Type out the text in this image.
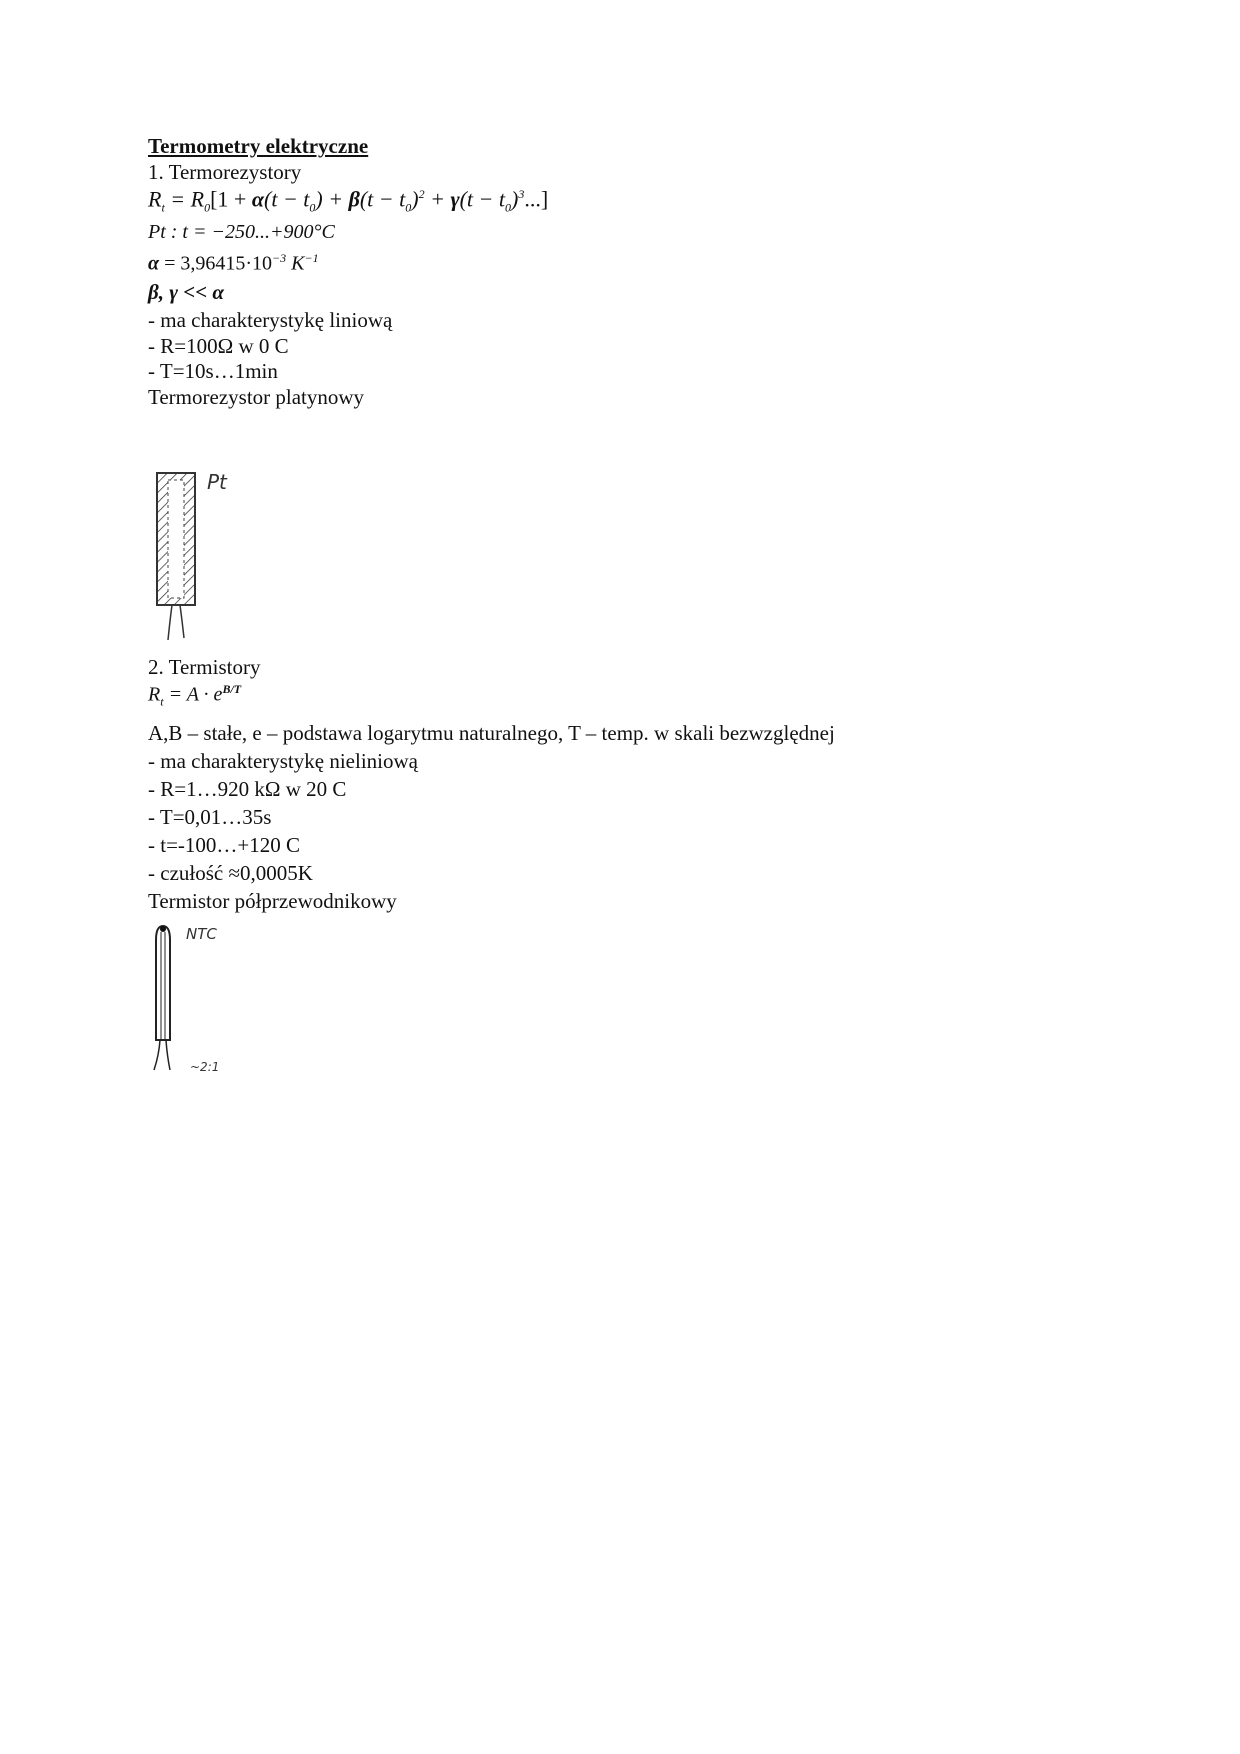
Termometry elektryczne
1. Termorezystory
$R_t = R_0[1 + \alpha(t - t_0) + \beta(t - t_0)^2 + \gamma(t - t_0)^3...]$
Pt : t = −250...+900°C
$\alpha = 3,96415\cdot 10^{-3}$ $K^{-1}$
β, γ << α
- ma charakterystykę liniową
- R=100Ω w 0 C
- T=10s…1min
Termorezystor platynowy
Pt
2. Termistory
$R_t = A \cdot e^{B/T}$
A,B – stałe, e – podstawa logarytmu naturalnego, T – temp. w skali bezwzględnej
- ma charakterystykę nieliniową
- R=1…920 kΩ w 20 C
- T=0,01…35s
- t=-100…+120 C
- czułość ≈0,0005K
Termistor półprzewodnikowy
NTC
~2:1
